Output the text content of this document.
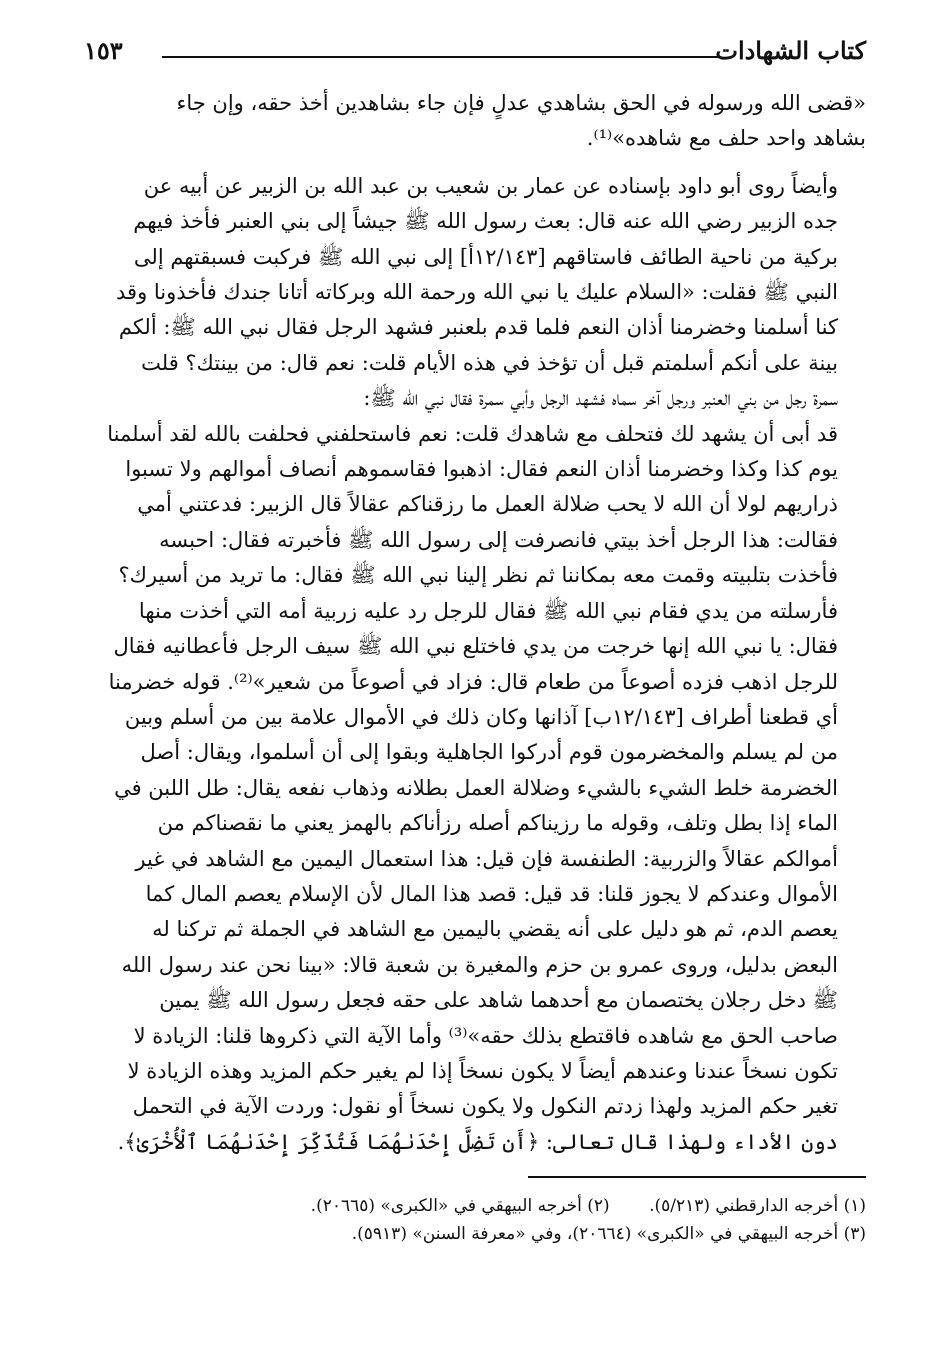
كتاب الشهادات
١٥٣
«قضى الله ورسوله في الحق بشاهدي عدلٍ فإن جاء بشاهدين أخذ حقه، وإن جاء
بشاهد واحد حلف مع شاهده»⁽¹⁾.
وأيضاً روى أبو داود بإسناده عن عمار بن شعيب بن عبد الله بن الزبير عن أبيه عن
جده الزبير رضي الله عنه قال: بعث رسول الله ﷺ جيشاً إلى بني العنبر فأخذ فيهم
بركية من ناحية الطائف فاستاقهم [١٢/١٤٣أ] إلى نبي الله ﷺ فركبت فسبقتهم إلى
النبي ﷺ فقلت: «السلام عليك يا نبي الله ورحمة الله وبركاته أتانا جندك فأخذونا وقد
كنا أسلمنا وخضرمنا أذان النعم فلما قدم بلعنبر فشهد الرجل فقال نبي الله ﷺ: ألكم
بينة على أنكم أسلمتم قبل أن تؤخذ في هذه الأيام قلت: نعم قال: من بينتك؟ قلت
سمرة رجل من بني العنبر ورجل آخر سماه فشهد الرجل وأبي سمرة فقال نبي الله ﷺ:
قد أبى أن يشهد لك فتحلف مع شاهدك قلت: نعم فاستحلفني فحلفت بالله لقد أسلمنا
يوم كذا وكذا وخضرمنا أذان النعم فقال: اذهبوا فقاسموهم أنصاف أموالهم ولا تسبوا
ذراريهم لولا أن الله لا يحب ضلالة العمل ما رزقناكم عقالاً قال الزبير: فدعتني أمي
فقالت: هذا الرجل أخذ بيتي فانصرفت إلى رسول الله ﷺ فأخبرته فقال: احبسه
فأخذت بتلبيته وقمت معه بمكاننا ثم نظر إلينا نبي الله ﷺ فقال: ما تريد من أسيرك؟
فأرسلته من يدي فقام نبي الله ﷺ فقال للرجل رد عليه زربية أمه التي أخذت منها
فقال: يا نبي الله إنها خرجت من يدي فاختلع نبي الله ﷺ سيف الرجل فأعطانيه فقال
للرجل اذهب فزده أصوعاً من طعام قال: فزاد في أصوعاً من شعير»⁽²⁾. قوله خضرمنا
أي قطعنا أطراف [١٢/١٤٣ب] آذانها وكان ذلك في الأموال علامة بين من أسلم وبين
من لم يسلم والمخضرمون قوم أدركوا الجاهلية وبقوا إلى أن أسلموا، ويقال: أصل
الخضرمة خلط الشيء بالشيء وضلالة العمل بطلانه وذهاب نفعه يقال: طل اللبن في
الماء إذا بطل وتلف، وقوله ما رزيناكم أصله رزأناكم بالهمز يعني ما نقصناكم من
أموالكم عقالاً والزربية: الطنفسة فإن قيل: هذا استعمال اليمين مع الشاهد في غير
الأموال وعندكم لا يجوز قلنا: قد قيل: قصد هذا المال لأن الإسلام يعصم المال كما
يعصم الدم، ثم هو دليل على أنه يقضي باليمين مع الشاهد في الجملة ثم تركنا له
البعض بدليل، وروى عمرو بن حزم والمغيرة بن شعبة قالا: «بينا نحن عند رسول الله
ﷺ دخل رجلان يختصمان مع أحدهما شاهد على حقه فجعل رسول الله ﷺ يمين
صاحب الحق مع شاهده فاقتطع بذلك حقه»⁽³⁾ وأما الآية التي ذكروها قلنا: الزيادة لا
تكون نسخاً عندنا وعندهم أيضاً لا يكون نسخاً إذا لم يغير حكم المزيد وهذه الزيادة لا
تغير حكم المزيد ولهذا زدتم النكول ولا يكون نسخاً أو نقول: وردت الآية في التحمل
دون الأداء ولهذا قال تعالى: ﴿أَن تَضِلَّ إِحْدَىٰهُمَا فَتُذَكِّرَ إِحْدَىٰهُمَا ٱلْأُخْرَىٰ﴾.
(١) أخرجه الدارقطني (٥/٢١٣). (٢) أخرجه البيهقي في «الكبرى» (٢٠٦٦٥).
(٣) أخرجه البيهقي في «الكبرى» (٢٠٦٦٤)، وفي «معرفة السنن» (٥٩١٣).
